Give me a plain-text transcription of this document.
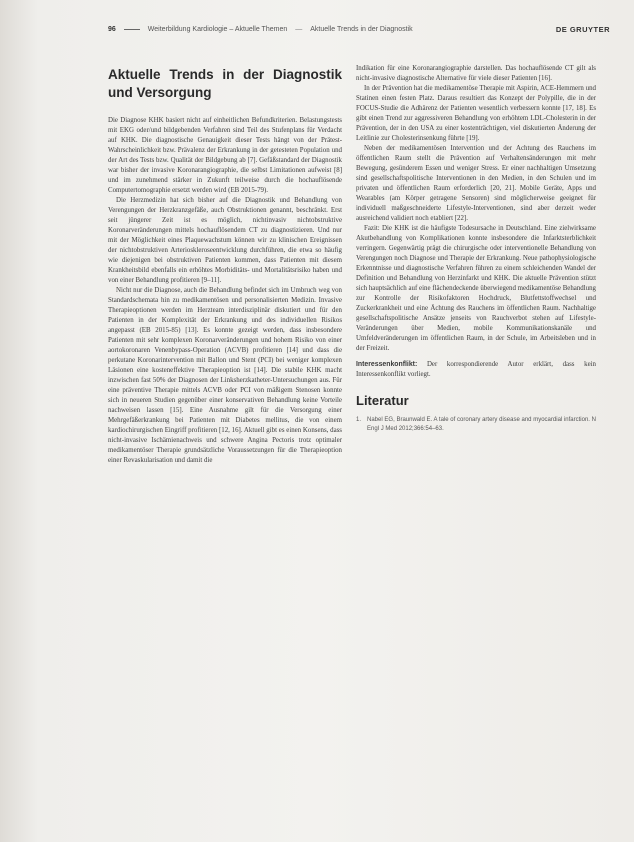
96	Weiterbildung Kardiologie – Aktuelle Themen — Aktuelle Trends in der Diagnostik	DE GRUYTER
Aktuelle Trends in der Diagnostik und Versorgung

Die Diagnose KHK basiert nicht auf einheitlichen Befundkriterien. Belastungstests mit EKG oder/und bildgebenden Verfahren sind Teil des Stufenplans für Verdacht auf KHK. Die diagnostische Genauigkeit dieser Tests hängt von der Prätest-Wahrscheinlichkeit bzw. Prävalenz der Erkrankung in der getesteten Population und der Art des Tests bzw. Qualität der Bildgebung ab [7]. Gefäßstandard der Diagnostik war bisher der invasive Koronarangiographie, die selbst Limitationen aufweist [8] und im zunehmend stärker in Zukunft teilweise durch die hochauflösende Computertomographie ersetzt werden wird (EB 2015-79).

Die Herzmedizin hat sich bisher auf die Diagnostik und Behandlung von Verengungen der Herzkranzgefäße, auch Obstruktionen genannt, beschränkt. Erst seit jüngerer Zeit ist es möglich, nichtinvasiv nichtobstruktive Koronarveränderungen mittels hochauflösendem CT zu diagnostizieren. Und nur mit der Möglichkeit eines Plaquewachstum können wir zu klinischen Ereignissen der nichtobstruktiven Arterioskleroseentwicklung durchführen, die etwa so häufig wie diejenigen bei obstruktiven Patienten kommen, dass Patienten mit diesem Krankheitsbild ebenfalls ein erhöhtes Morbiditäts- und Mortalitätsrisiko haben und von einer Behandlung profitieren [9–11].

Nicht nur die Diagnose, auch die Behandlung befindet sich im Umbruch weg von Standardschemata hin zu medikamentösen und personalisierten Medizin. Invasive Therapieoptionen werden im Herzteam interdisziplinär diskutiert und für den Patienten in der Komplexität der Erkrankung und des individuellen Risikos angepasst (EB 2015-85) [13]. Es konnte gezeigt werden, dass insbesondere Patienten mit sehr komplexen Koronarveränderungen und hohem Risiko von einer aortokoronaren Venenbypass-Operation (ACVB) profitieren [14] und dass die perkutane Koronarintervention mit Ballon und Stent (PCI) bei weniger komplexen Läsionen eine kosteneffektive Therapieoption ist [14]. Die stabile KHK macht inzwischen fast 50% der Diagnosen der Linksherzkatheter-Untersuchungen aus. Für eine präventive Therapie mittels ACVB oder PCI von mäßigem Stenosen konnte sich in neueren Studien gegenüber einer konservativen Behandlung keine Vorteile nachweisen lassen [15]. Eine Ausnahme gilt für die Versorgung einer Mehrgefäßerkrankung bei Patienten mit Diabetes mellitus, die von einem kardiochirurgischen Eingriff profitieren [12, 16]. Aktuell gibt es einen Konsens, dass nicht-invasive Ischämienachweis und schwere Angina Pectoris trotz optimaler medikamentöser Therapie grundsätzliche Voraussetzungen für die Therapieoption einer Revaskularisation und damit die

Indikation für eine Koronarangiographie darstellen. Das hochauflösende CT gilt als nicht-invasive diagnostische Alternative für viele dieser Patienten [16].

In der Prävention hat die medikamentöse Therapie mit Aspirin, ACE-Hemmern und Statinen einen festen Platz. Daraus resultiert das Konzept der Polypille, die in der FOCUS-Studie die Adhärenz der Patienten wesentlich verbessern konnte [17, 18]. Es gibt einen Trend zur aggressiveren Behandlung von erhöhtem LDL-Cholesterin in der Prävention, der in den USA zu einer kostenträchtigen, viel diskutierten Änderung der Leitlinie zur Cholesterinsenkung führte [19].

Neben der medikamentösen Intervention und der Achtung des Rauchens im öffentlichen Raum stellt die Prävention auf Verhaltensänderungen mit mehr Bewegung, gesünderem Essen und weniger Stress. Er einer nachhaltigen Umsetzung sind gesellschaftspolitische Interventionen in den Medien, in den Schulen und im privaten und öffentlichen Raum erforderlich [20, 21]. Mobile Geräte, Apps und Wearables (am Körper getragene Sensoren) sind möglicherweise geeignet für individuell maßgeschneiderte Lifestyle-Interventionen, sind aber derzeit weder ausreichend validiert noch etabliert [22].

Fazit: Die KHK ist die häufigste Todesursache in Deutschland. Eine zielwirksame Akutbehandlung von Komplikationen konnte insbesondere die Infarktsterblichkeit verringern. Gegenwärtig prägt die chirurgische oder interventionelle Behandlung von Verengungen noch Diagnose und Therapie der Erkrankung. Neue pathophysiologische Erkenntnisse und diagnostische Verfahren führen zu einem schleichenden Wandel der Definition und Behandlung von Herzinfarkt und KHK. Die aktuelle Prävention stützt sich hauptsächlich auf eine flächendeckende überwiegend medikamentöse Behandlung zur Kontrolle der Risikofaktoren Hochdruck, Blutfettstoffwechsel und Zuckerkrankheit und eine Ächtung des Rauchens im öffentlichen Raum. Nachhaltige gesellschaftspolitische Ansätze jenseits von Rauchverbot stehen auf Lifestyle-Veränderungen über Medien, mobile Kommunikationskanäle und Umfeldveränderungen im öffentlichen Raum, in der Schule, im Arbeitsleben und in der Freizeit.

Interessenkonflikt: Der korrespondierende Autor erklärt, dass kein Interessenkonflikt vorliegt.

Literatur
1. Nabel EG, Braunwald E. A tale of coronary artery disease and myocardial infarction. N Engl J Med 2012;366:54–63.
